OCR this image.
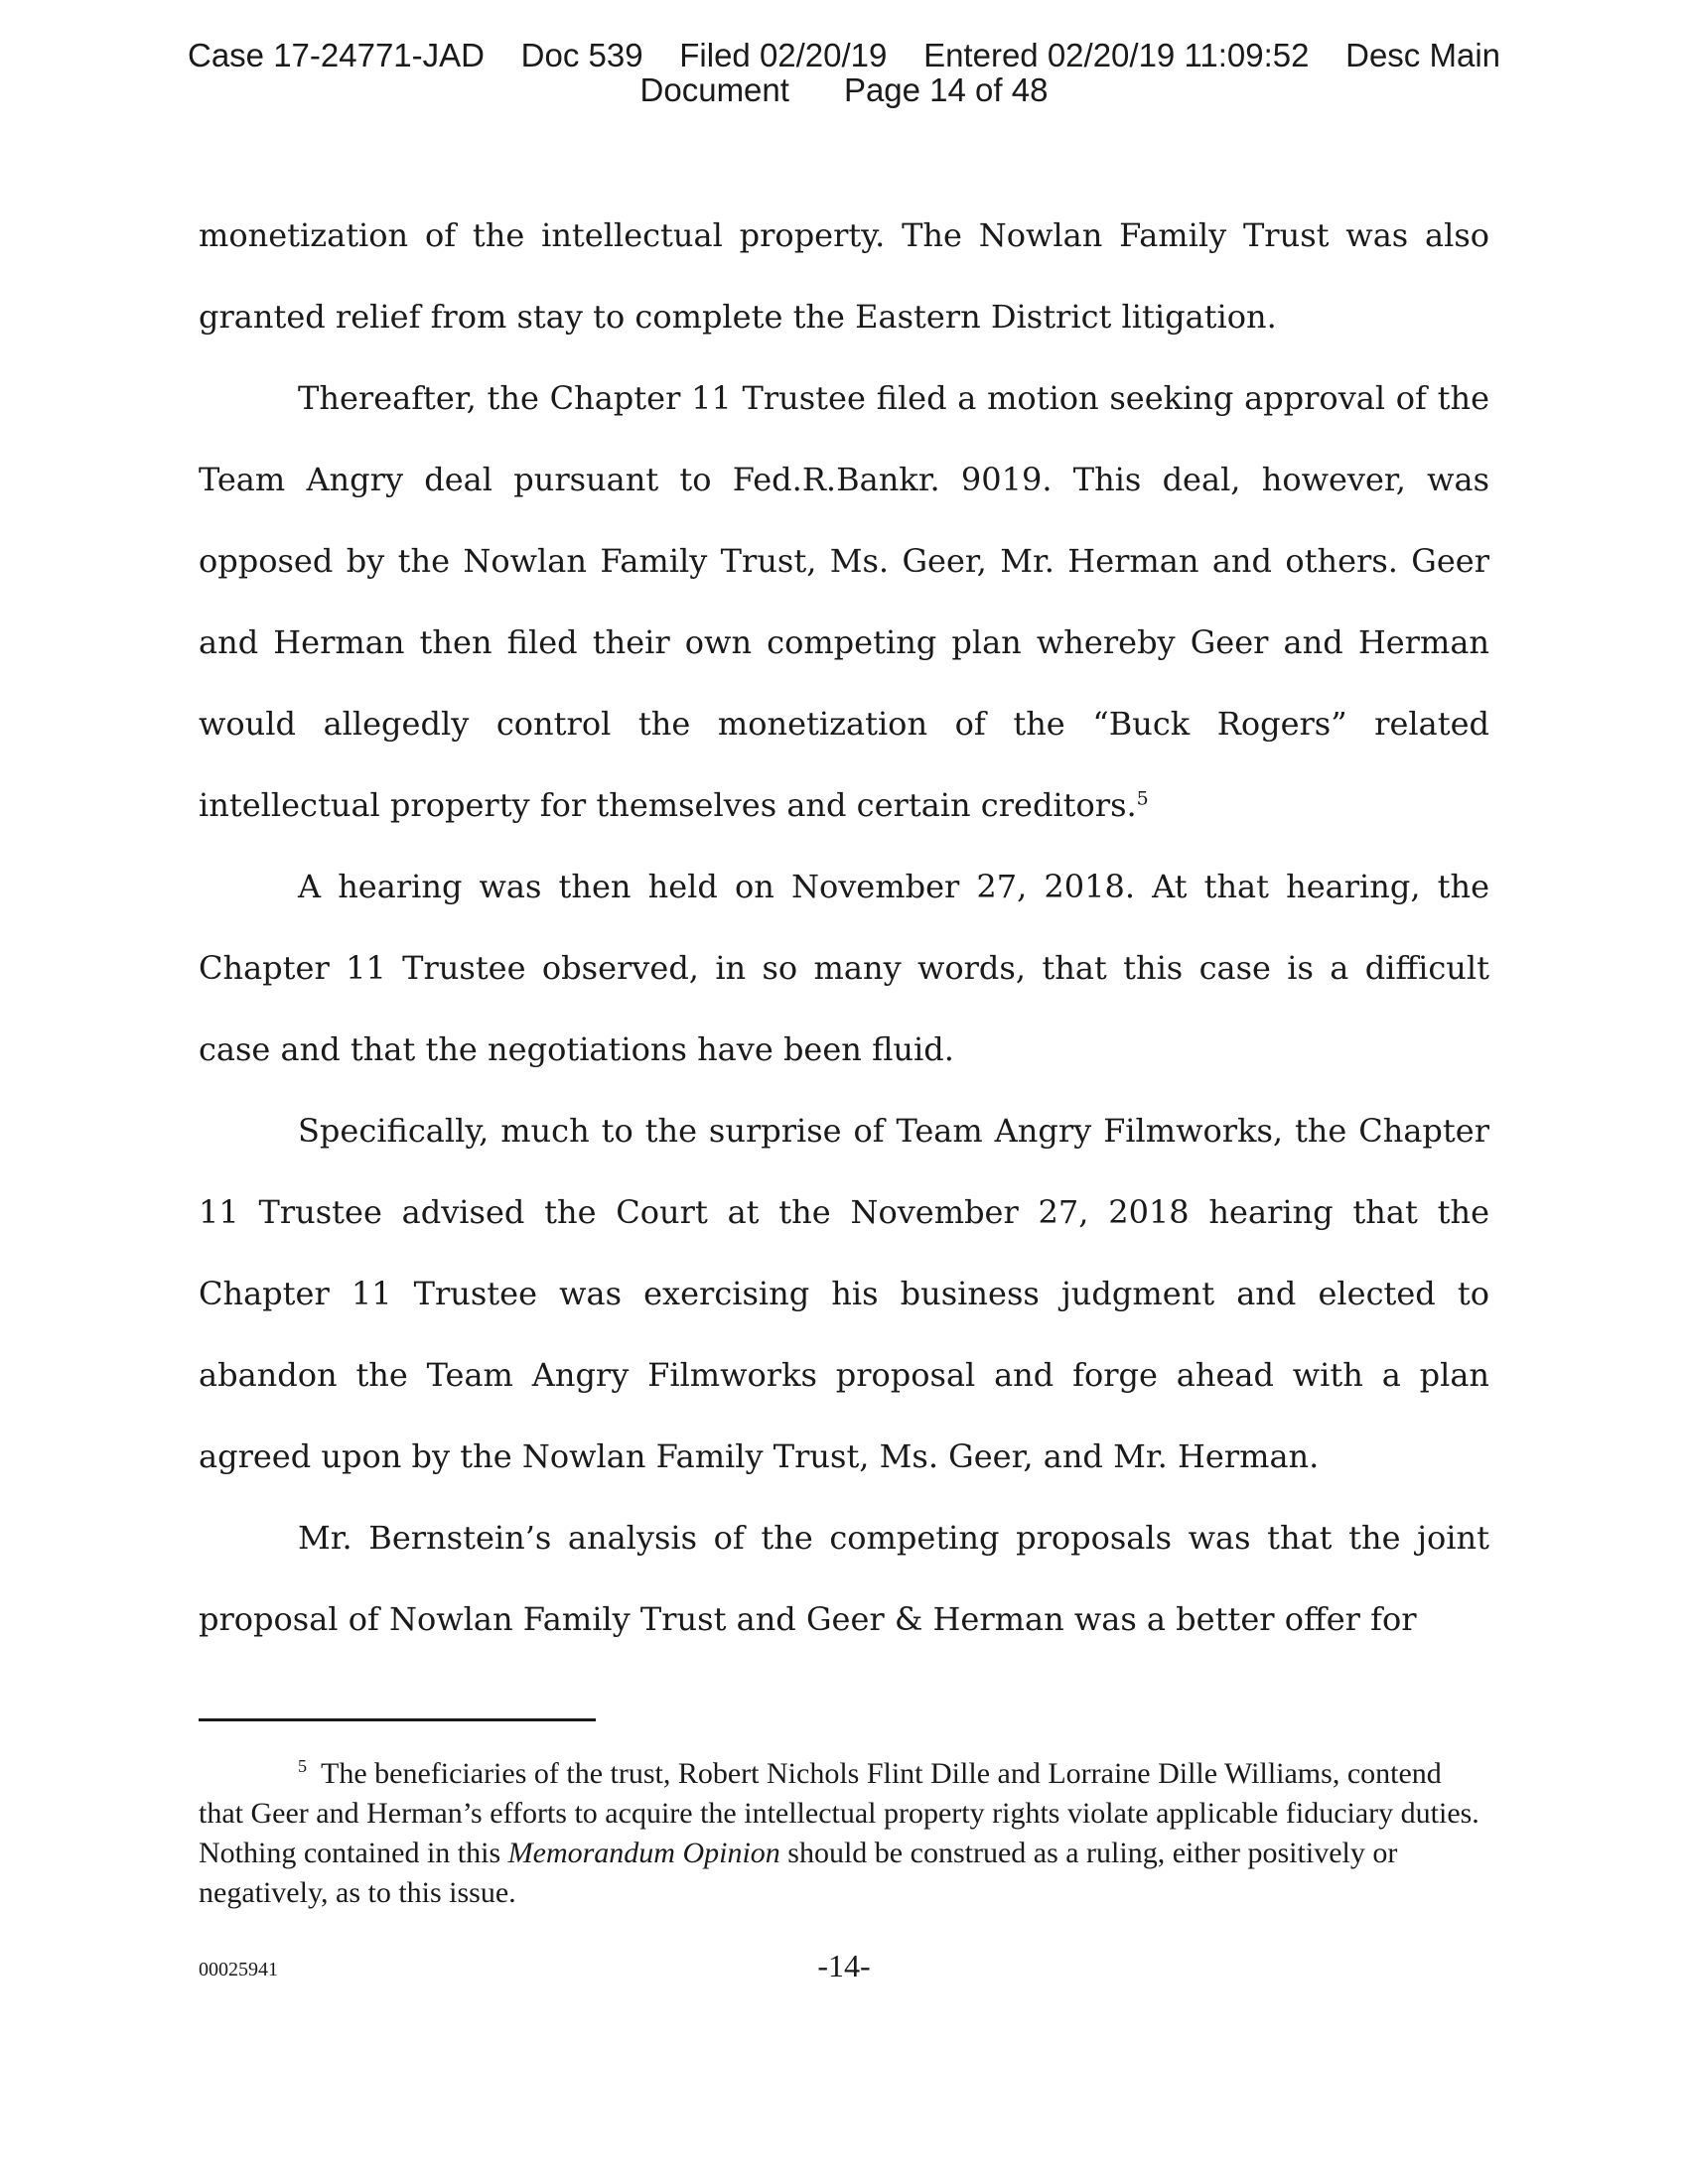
Case 17-24771-JAD    Doc 539    Filed 02/20/19    Entered 02/20/19 11:09:52    Desc Main
Document      Page 14 of 48

monetization of the intellectual property. The Nowlan Family Trust was also granted relief from stay to complete the Eastern District litigation.

Thereafter, the Chapter 11 Trustee filed a motion seeking approval of the Team Angry deal pursuant to Fed.R.Bankr. 9019. This deal, however, was opposed by the Nowlan Family Trust, Ms. Geer, Mr. Herman and others. Geer and Herman then filed their own competing plan whereby Geer and Herman would allegedly control the monetization of the “Buck Rogers” related intellectual property for themselves and certain creditors.$^5$

A hearing was then held on November 27, 2018. At that hearing, the Chapter 11 Trustee observed, in so many words, that this case is a difficult case and that the negotiations have been fluid.

Specifically, much to the surprise of Team Angry Filmworks, the Chapter 11 Trustee advised the Court at the November 27, 2018 hearing that the Chapter 11 Trustee was exercising his business judgment and elected to abandon the Team Angry Filmworks proposal and forge ahead with a plan agreed upon by the Nowlan Family Trust, Ms. Geer, and Mr. Herman.

Mr. Bernstein’s analysis of the competing proposals was that the joint proposal of Nowlan Family Trust and Geer & Herman was a better offer for

$^5$ The beneficiaries of the trust, Robert Nichols Flint Dille and Lorraine Dille Williams, contend that Geer and Herman’s efforts to acquire the intellectual property rights violate applicable fiduciary duties. Nothing contained in this Memorandum Opinion should be construed as a ruling, either positively or negatively, as to this issue.

00025941	-14-
